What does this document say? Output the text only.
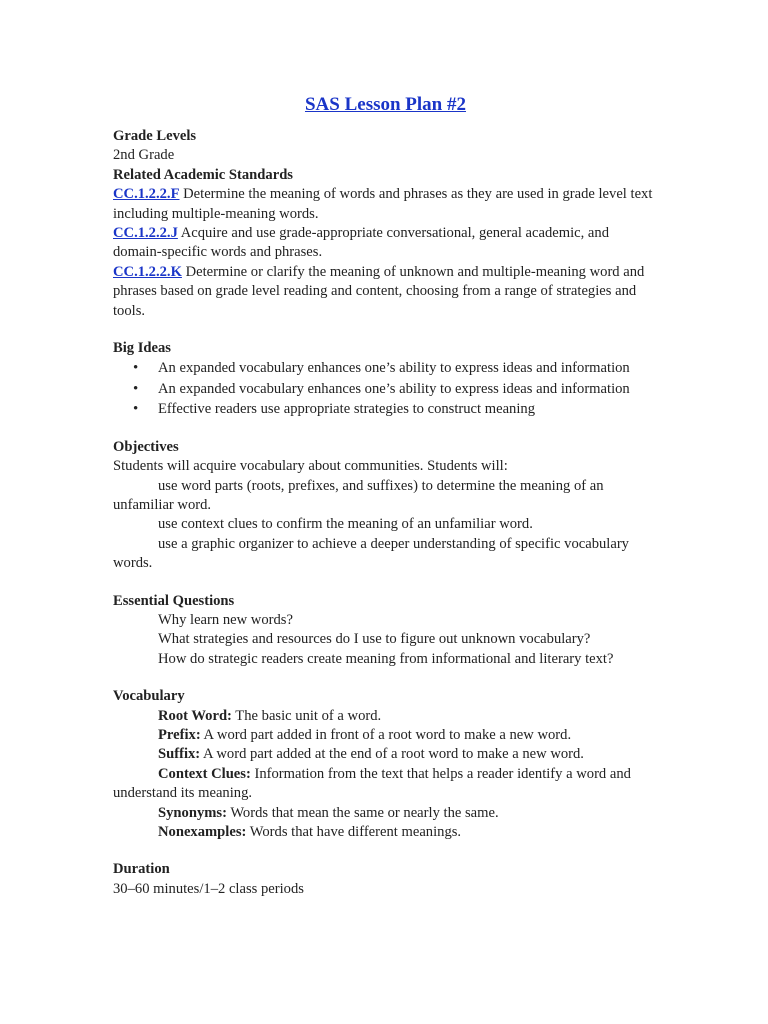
SAS Lesson Plan #2
Grade Levels

2nd Grade

Related Academic Standards

CC.1.2.2.F Determine the meaning of words and phrases as they are used in grade level text including multiple-meaning words.

CC.1.2.2.J Acquire and use grade-appropriate conversational, general academic, and domain-specific words and phrases.

CC.1.2.2.K Determine or clarify the meaning of unknown and multiple-meaning word and phrases based on grade level reading and content, choosing from a range of strategies and tools.

Big Ideas
• An expanded vocabulary enhances one’s ability to express ideas and information
• An expanded vocabulary enhances one’s ability to express ideas and information
• Effective readers use appropriate strategies to construct meaning
Objectives

Students will acquire vocabulary about communities. Students will:

use word parts (roots, prefixes, and suffixes) to determine the meaning of an unfamiliar word.

use context clues to confirm the meaning of an unfamiliar word.

use a graphic organizer to achieve a deeper understanding of specific vocabulary words.

Essential Questions

Why learn new words?

What strategies and resources do I use to figure out unknown vocabulary?

How do strategic readers create meaning from informational and literary text?

Vocabulary

Root Word: The basic unit of a word.

Prefix: A word part added in front of a root word to make a new word.

Suffix: A word part added at the end of a root word to make a new word.

Context Clues: Information from the text that helps a reader identify a word and understand its meaning.

Synonyms: Words that mean the same or nearly the same.

Nonexamples: Words that have different meanings.

Duration

30–60 minutes/1–2 class periods
